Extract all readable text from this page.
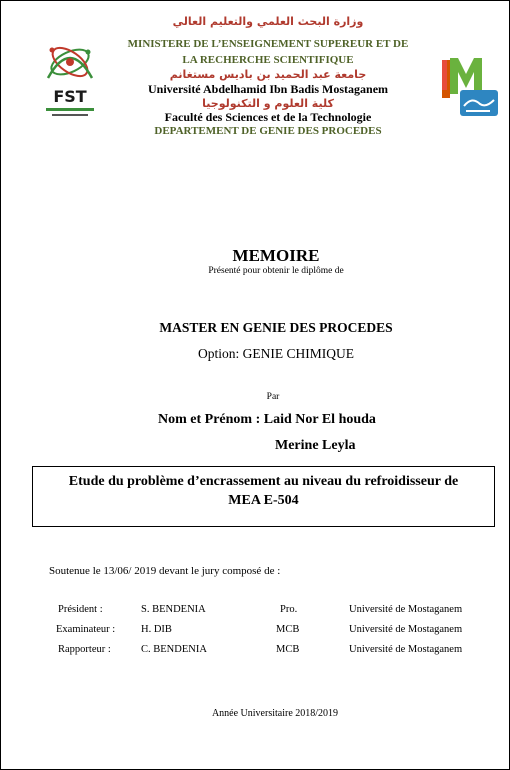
FST
وزارة البحث العلمي والتعليم العالي
MINISTERE DE L’ENSEIGNEMENT SUPEREUR ET DE
LA RECHERCHE SCIENTIFIQUE
جامعة عبد الحميد بن باديس مستغانم
Université Abdelhamid Ibn Badis Mostaganem
كلية العلوم و التكنولوجيا
Faculté des Sciences et de la Technologie
DEPARTEMENT DE GENIE DES PROCEDES
MEMOIRE
Présenté pour obtenir le diplôme de
MASTER EN GENIE DES PROCEDES
Option: GENIE CHIMIQUE
Par
Nom et Prénom : Laid Nor El houda
Merine Leyla
Etude du problème d’encrassement au niveau du refroidisseur de
MEA E-504
Soutenue le 13/06/ 2019 devant le jury composé de :
Président :	S. BENDENIA	Pro.	Université de Mostaganem
Examinateur : H. DIB	MCB	Université de Mostaganem
Rapporteur :	C. BENDENIA	MCB	Université de Mostaganem
Année Universitaire 2018/2019
